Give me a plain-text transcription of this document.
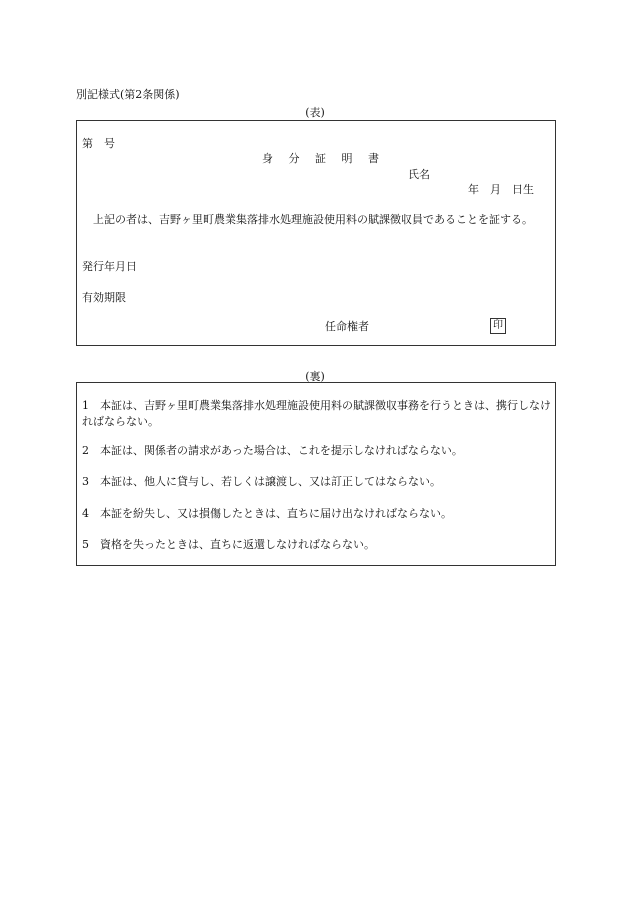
別記様式(第2条関係)
(表)
第　号
身 分 証 明 書
氏名
年　月　日生
上記の者は、吉野ヶ里町農業集落排水処理施設使用料の賦課徴収員であることを証する。
発行年月日
有効期限
任命権者	印
(裏)
1 本証は、吉野ヶ里町農業集落排水処理施設使用料の賦課徴収事務を行うときは、携行しなければならない。
2 本証は、関係者の請求があった場合は、これを提示しなければならない。
3 本証は、他人に貸与し、若しくは譲渡し、又は訂正してはならない。
4 本証を紛失し、又は損傷したときは、直ちに届け出なければならない。
5 資格を失ったときは、直ちに返還しなければならない。
